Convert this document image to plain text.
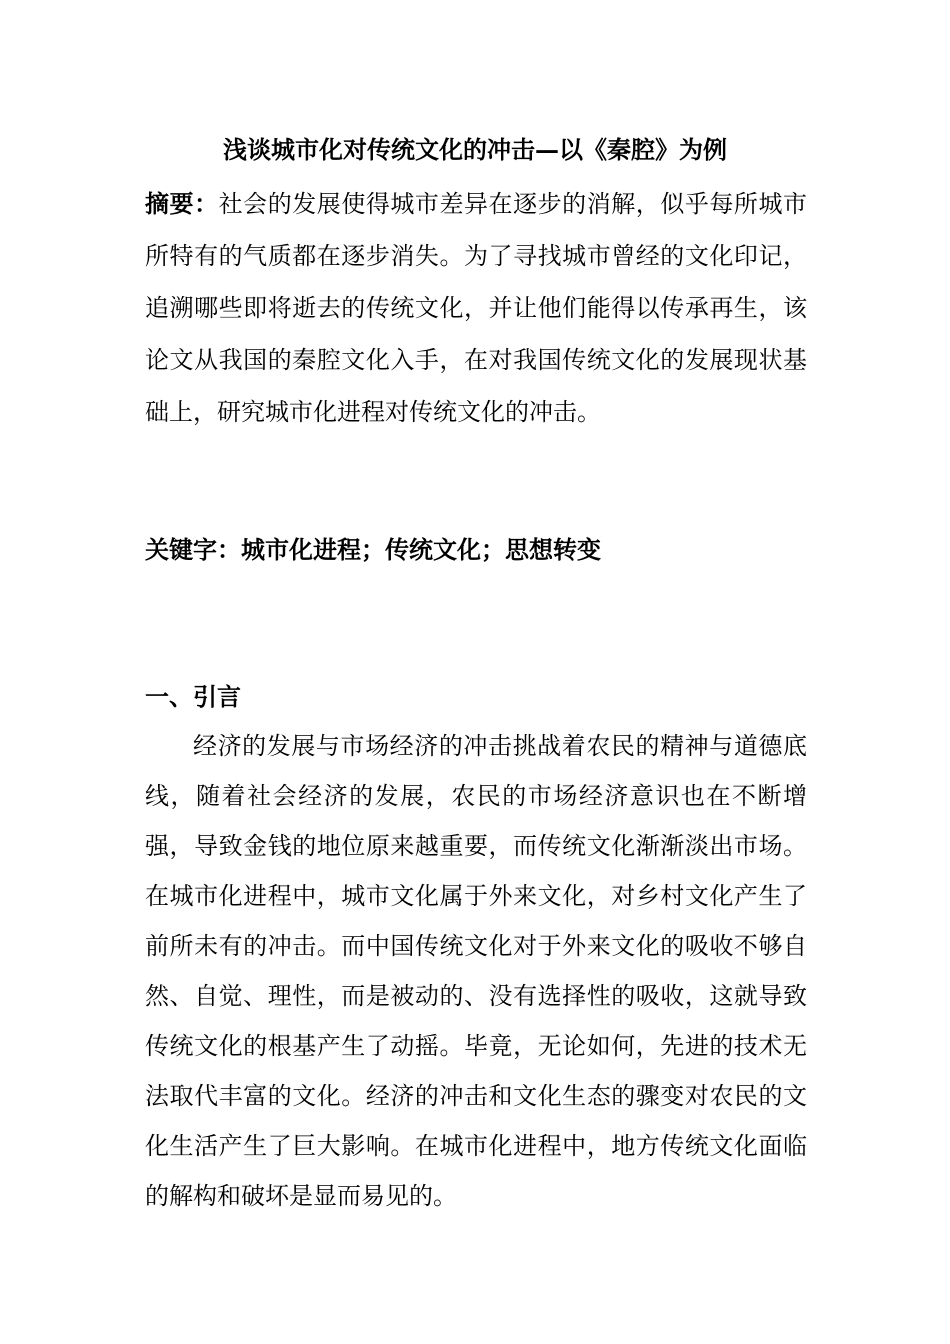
浅谈城市化对传统文化的冲击—以《秦腔》为例

摘要：社会的发展使得城市差异在逐步的消解，似乎每所城市所特有的气质都在逐步消失。为了寻找城市曾经的文化印记，追溯哪些即将逝去的传统文化，并让他们能得以传承再生，该论文从我国的秦腔文化入手，在对我国传统文化的发展现状基础上，研究城市化进程对传统文化的冲击。

关键字：城市化进程；传统文化；思想转变

一、引言

经济的发展与市场经济的冲击挑战着农民的精神与道德底线，随着社会经济的发展，农民的市场经济意识也在不断增强，导致金钱的地位原来越重要，而传统文化渐渐淡出市场。在城市化进程中，城市文化属于外来文化，对乡村文化产生了前所未有的冲击。而中国传统文化对于外来文化的吸收不够自然、自觉、理性，而是被动的、没有选择性的吸收，这就导致传统文化的根基产生了动摇。毕竟，无论如何，先进的技术无法取代丰富的文化。经济的冲击和文化生态的骤变对农民的文化生活产生了巨大影响。在城市化进程中，地方传统文化面临的解构和破坏是显而易见的。
